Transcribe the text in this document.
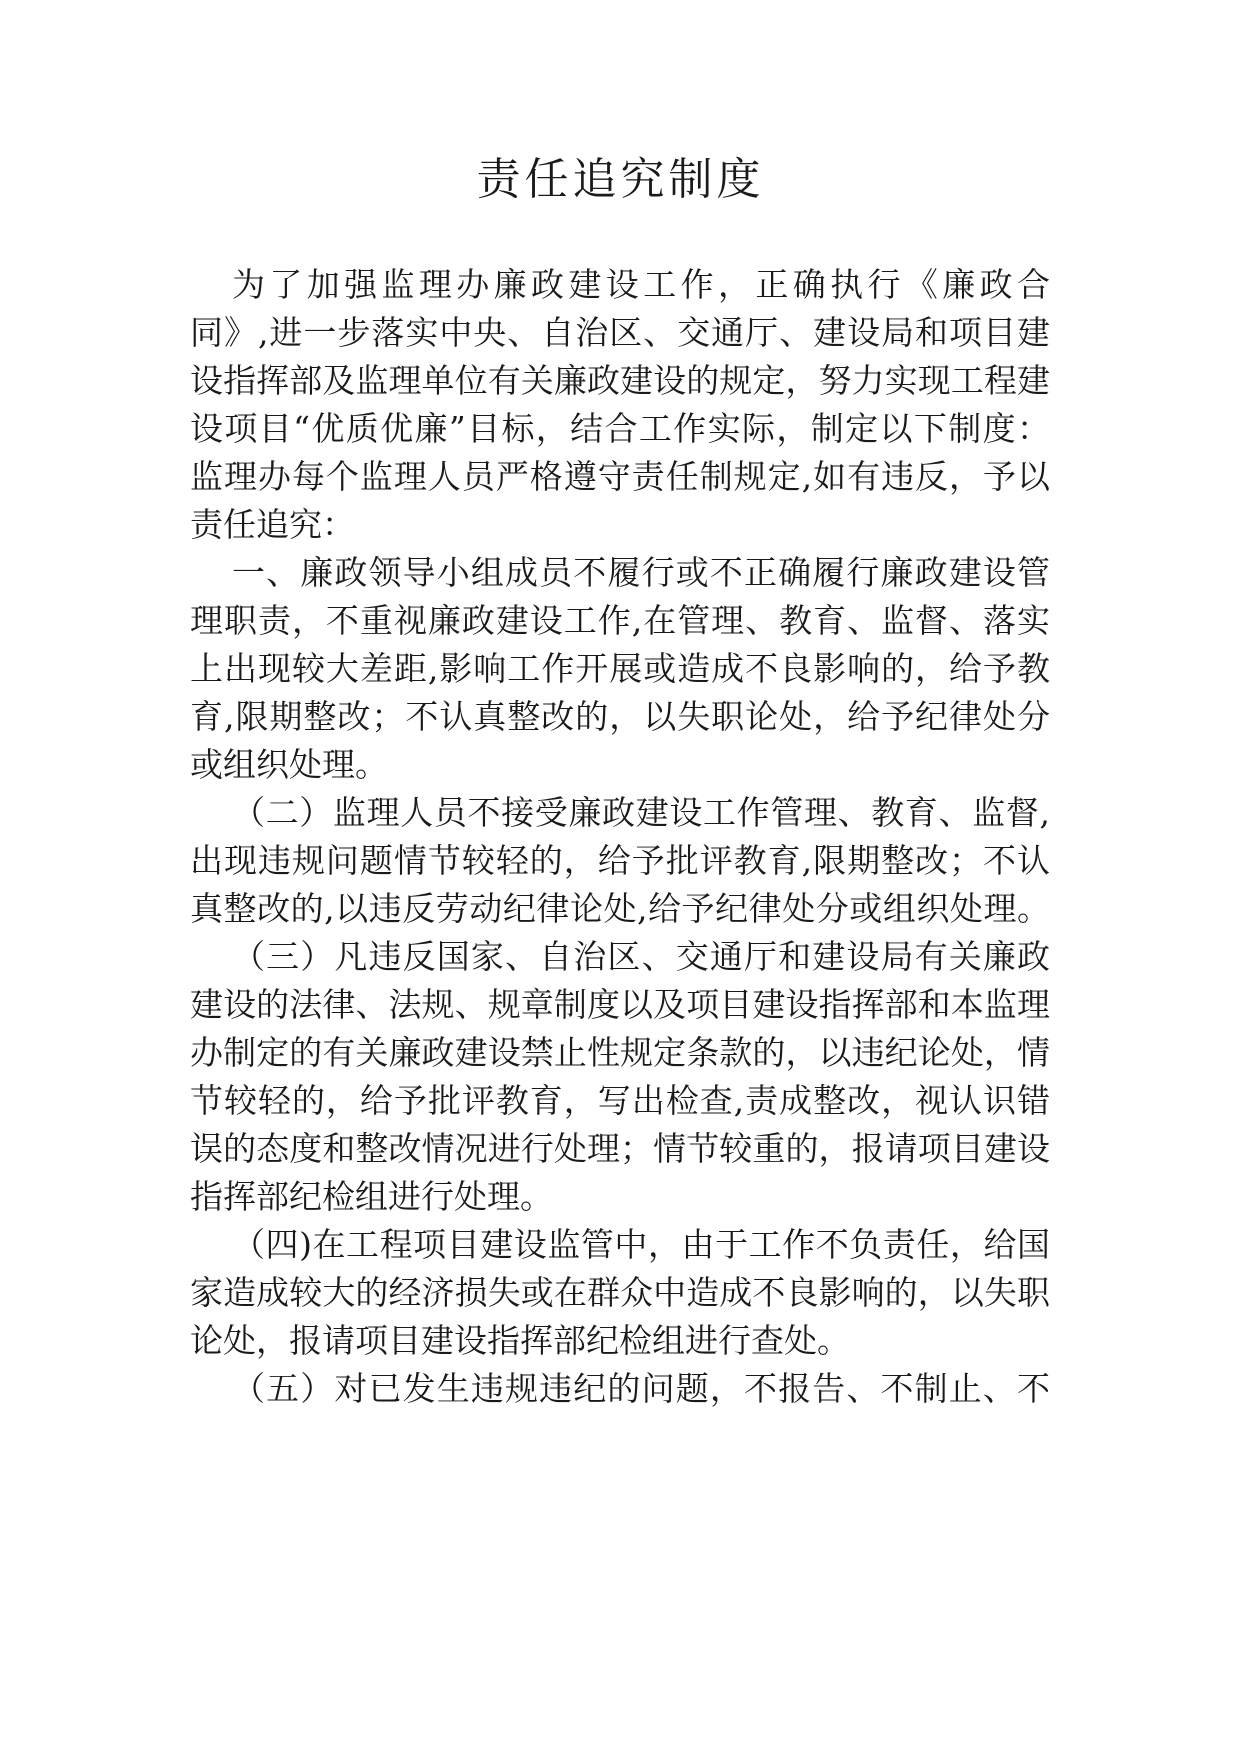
责任追究制度

为了加强监理办廉政建设工作，正确执行《廉政合

同》,进一步落实中央、自治区、交通厅、建设局和项目建

设指挥部及监理单位有关廉政建设的规定，努力实现工程建

设项目“优质优廉”目标，结合工作实际，制定以下制度：

监理办每个监理人员严格遵守责任制规定,如有违反，予以

责任追究：

一、廉政领导小组成员不履行或不正确履行廉政建设管

理职责，不重视廉政建设工作,在管理、教育、监督、落实

上出现较大差距,影响工作开展或造成不良影响的，给予教

育,限期整改；不认真整改的，以失职论处，给予纪律处分

或组织处理。

（二）监理人员不接受廉政建设工作管理、教育、监督,

出现违规问题情节较轻的，给予批评教育,限期整改；不认

真整改的,以违反劳动纪律论处,给予纪律处分或组织处理。

（三）凡违反国家、自治区、交通厅和建设局有关廉政

建设的法律、法规、规章制度以及项目建设指挥部和本监理

办制定的有关廉政建设禁止性规定条款的，以违纪论处，情

节较轻的，给予批评教育，写出检查,责成整改，视认识错

误的态度和整改情况进行处理；情节较重的，报请项目建设

指挥部纪检组进行处理。

（四)在工程项目建设监管中，由于工作不负责任，给国

家造成较大的经济损失或在群众中造成不良影响的，以失职

论处，报请项目建设指挥部纪检组进行查处。

（五）对已发生违规违纪的问题，不报告、不制止、不
